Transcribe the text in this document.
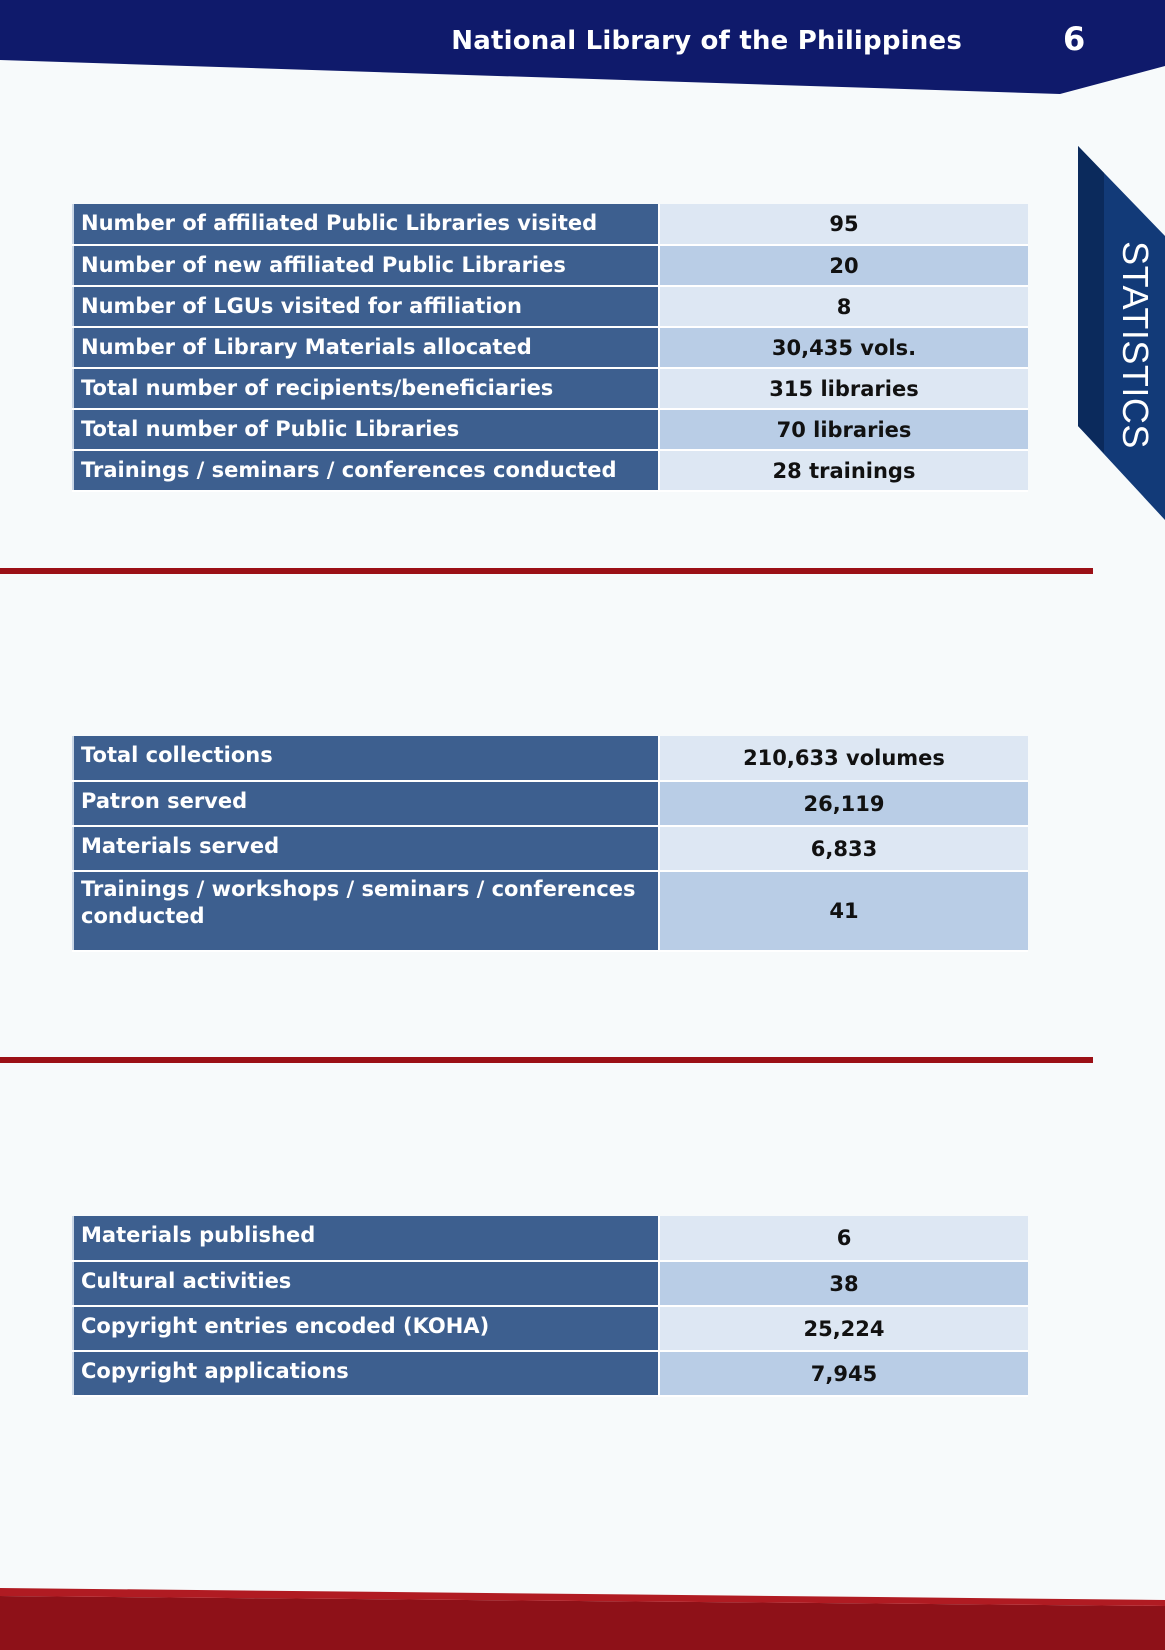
National Library of the Philippines	6
STATISTICS
Number of affiliated Public Libraries visited	95
Number of new affiliated Public Libraries	20
Number of LGUs visited for affiliation	8
Number of Library Materials allocated	30,435 vols.
Total number of recipients/beneficiaries	315 libraries
Total number of Public Libraries	70 libraries
Trainings / seminars / conferences conducted	28 trainings
Total collections	210,633 volumes
Patron served	26,119
Materials served	6,833
Trainings / workshops / seminars / conferences conducted	41
Materials published	6
Cultural activities	38
Copyright entries encoded (KOHA)	25,224
Copyright applications	7,945
